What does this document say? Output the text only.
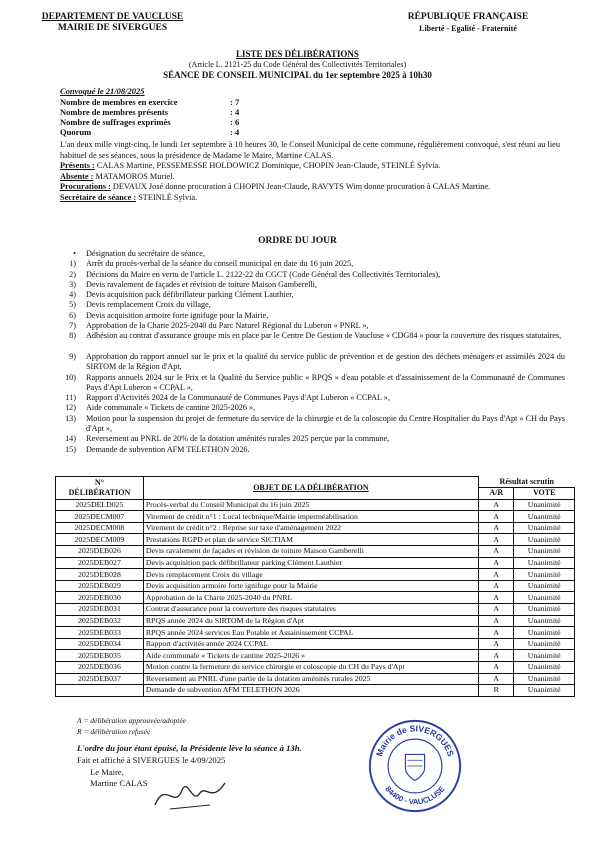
DEPARTEMENT DE VAUCLUSE
MAIRIE DE SIVERGUES
RÉPUBLIQUE FRANÇAISE
Liberté - Egalité - Fraternité
LISTE DES DÉLIBÉRATIONS
(Article L. 2121-25 du Code Général des Collectivités Territoriales)
SÉANCE DE CONSEIL MUNICIPAL du 1er septembre 2025 à 10h30
Convoqué le 21/08/2025
Nombre de membres en exercice	: 7
Nombre de membres présents	: 4
Nombre de suffrages exprimés	: 6
Quorum	: 4
L'an deux mille vingt-cinq, le lundi 1er septembre à 10 heures 30, le Conseil Municipal de cette commune, régulièrement convoqué, s'est réuni au lieu habituel de ses séances, sous la présidence de Madame le Maire, Martine CALAS.
Présents : CALAS Martine, PESSEMESSE HOLDOWICZ Dominique, CHOPIN Jean-Claude, STEINLÉ Sylvia.
Absente : MATAMOROS Muriel.
Procurations : DEVAUX José donne procuration à CHOPIN Jean-Claude, RAVYTS Wim donne procuration à CALAS Martine.
Secrétaire de séance : STEINLÉ Sylvia.
ORDRE DU JOUR
• Désignation du secrétaire de séance,
1) Arrêt du procès-verbal de la séance du conseil municipal en date du 16 juin 2025,
2) Décisions du Maire en vertu de l'article L. 2122-22 du CGCT (Code Général des Collectivités Territoriales),
3) Devis ravalement de façades et révision de toiture Maison Gamberelli,
4) Devis acquisition pack défibrillateur parking Clément Lauthier,
5) Devis remplacement Croix du village,
6) Devis acquisition armoire forte ignifuge pour la Mairie,
7) Approbation de la Charte 2025-2040 du Parc Naturel Régional du Luberon « PNRL »,
8) Adhésion au contrat d'assurance groupe mis en place par le Centre De Gestion de Vaucluse « CDG84 » pour la couverture des risques statutaires,
9) Approbation du rapport annuel sur le prix et la qualité du service public de prévention et de gestion des déchets ménagers et assimilés 2024 du SIRTOM de la Région d'Apt,
10) Rapports annuels 2024 sur le Prix et la Qualité du Service public « RPQS » d'eau potable et d'assainissement de la Communauté de Communes Pays d'Apt Luberon « CCPAL »,
11) Rapport d'Activités 2024 de la Communauté de Communes Pays d'Apt Luberon « CCPAL »,
12) Aide communale « Tickets de cantine 2025-2026 »,
13) Motion pour la suspension du projet de fermeture du service de la chirurgie et de la coloscopie du Centre Hospitalier du Pays d'Apt « CH du Pays d'Apt »,
14) Reversement au PNRL de 20% de la dotation aménités rurales 2025 perçue par la commune,
15) Demande de subvention AFM TELETHON 2026.
N°
DÉLIBÉRATION	OBJET DE LA DÉLIBÉRATION	Résultat scrutin	
		A/R	VOTE
2025DELD025	Procès-verbal du Conseil Municipal du 16 juin 2025	A	Unanimité
2025DECM007	Virement de crédit n°1 : Local technique/Mairie imperméabilisation	A	Unanimité
2025DECM008	Virement de crédit n°2 : Reprise sur taxe d'aménagement 2022	A	Unanimité
2025DECM009	Prestations RGPD et plan de service SICTIAM	A	Unanimité
2025DEB026	Devis ravalement de façades et révision de toiture Maison Gamberelli	A	Unanimité
2025DEB027	Devis acquisition pack défibrillateur parking Clément Lauthier	A	Unanimité
2025DEB028	Devis remplacement Croix du village	A	Unanimité
2025DEB029	Devis acquisition armoire forte ignifuge pour la Mairie	A	Unanimité
2025DEB030	Approbation de la Charte 2025-2040 du PNRL	A	Unanimité
2025DEB031	Contrat d'assurance pour la couverture des risques statutaires	A	Unanimité
2025DEB032	RPQS année 2024 du SIRTOM de la Région d'Apt	A	Unanimité
2025DEB033	RPQS année 2024 services Eau Potable et Assainissement CCPAL	A	Unanimité
2025DEB034	Rapport d'activités année 2024 CCPAL	A	Unanimité
2025DEB035	Aide communale « Tickets de cantine 2025-2026 »	A	Unanimité
2025DEB036	Motion contre la fermeture du service chirurgie et coloscopie du CH du Pays d'Apt	A	Unanimité
2025DEB037	Reversement au PNRL d'une partie de la dotation aménités rurales 2025	A	Unanimité
	Demande de subvention AFM TELETHON 2026	R	Unanimité
A = délibération approuvée/adoptée
R = délibération refusée
L'ordre du jour étant épuisé, la Présidente lève la séance à 13h.
Fait et affiché à SIVERGUES le 4/09/2025
Le Maire,
Martine CALAS
Mairie de SIVERGUES
84400 - VAUCLUSE
